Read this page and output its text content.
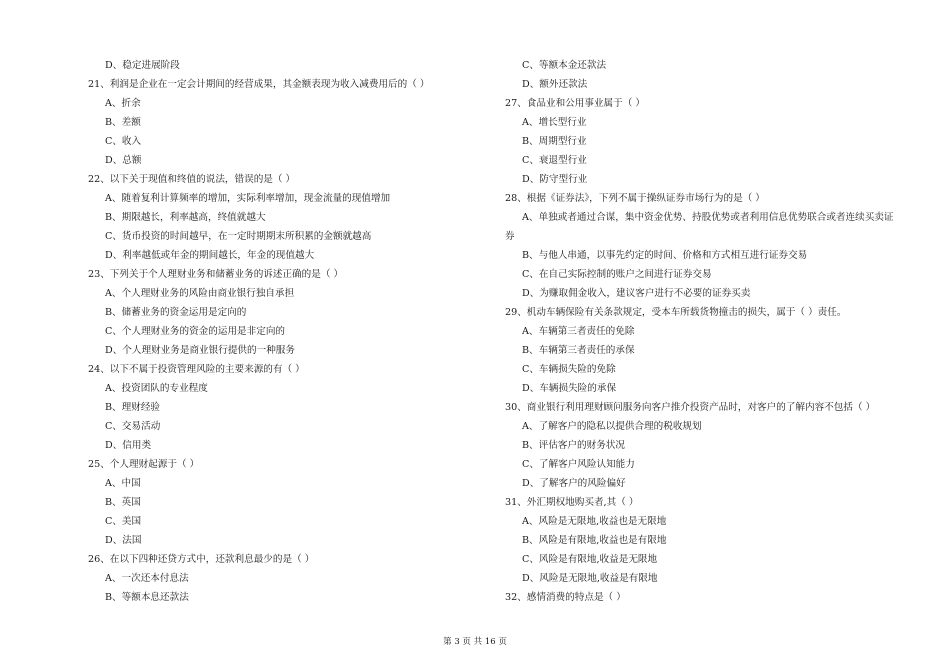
D、稳定进展阶段
21、利润是企业在一定会计期间的经营成果，其金额表现为收入减费用后的（ ）
A、折余
B、差额
C、收入
D、总额
22、以下关于现值和终值的说法，错误的是（ ）
A、随着复利计算频率的增加，实际利率增加，现金流量的现值增加
B、期限越长，利率越高，终值就越大
C、货币投资的时间越早，在一定时期期末所积累的金额就越高
D、利率越低或年金的期间越长，年金的现值越大
23、下列关于个人理财业务和储蓄业务的诉述正确的是（ ）
A、个人理财业务的风险由商业银行独自承担
B、储蓄业务的资金运用是定向的
C、个人理财业务的资金的运用是非定向的
D、个人理财业务是商业银行提供的一种服务
24、以下不属于投资管理风险的主要来源的有（ ）
A、投资团队的专业程度
B、理财经验
C、交易活动
D、信用类
25、个人理财起源于（ ）
A、中国
B、英国
C、美国
D、法国
26、在以下四种还贷方式中，还款利息最少的是（ ）
A、一次还本付息法
B、等额本息还款法
C、等额本金还款法
D、额外还款法
27、食品业和公用事业属于（ ）
A、增长型行业
B、周期型行业
C、衰退型行业
D、防守型行业
28、根据《证券法》，下列不属于操纵证券市场行为的是（ ）
A、单独或者通过合谋，集中资金优势、持股优势或者利用信息优势联合或者连续买卖证
券
B、与他人串通，以事先约定的时间、价格和方式相互进行证券交易
C、在自己实际控制的账户之间进行证券交易
D、为赚取佣金收入，建议客户进行不必要的证券买卖
29、机动车辆保险有关条款规定，受本车所载货物撞击的损失，属于（ ）责任。
A、车辆第三者责任的免除
B、车辆第三者责任的承保
C、车辆损失险的免除
D、车辆损失险的承保
30、商业银行利用理财顾问服务向客户推介投资产品时，对客户的了解内容不包括（ ）
A、了解客户的隐私以提供合理的税收规划
B、评估客户的财务状况
C、了解客户风险认知能力
D、了解客户的风险偏好
31、外汇期权地购买者,其（ ）
A、风险是无限地,收益也是无限地
B、风险是有限地,收益也是有限地
C、风险是有限地,收益是无限地
D、风险是无限地,收益是有限地
32、感情消费的特点是（ ）
第 3 页 共 16 页
